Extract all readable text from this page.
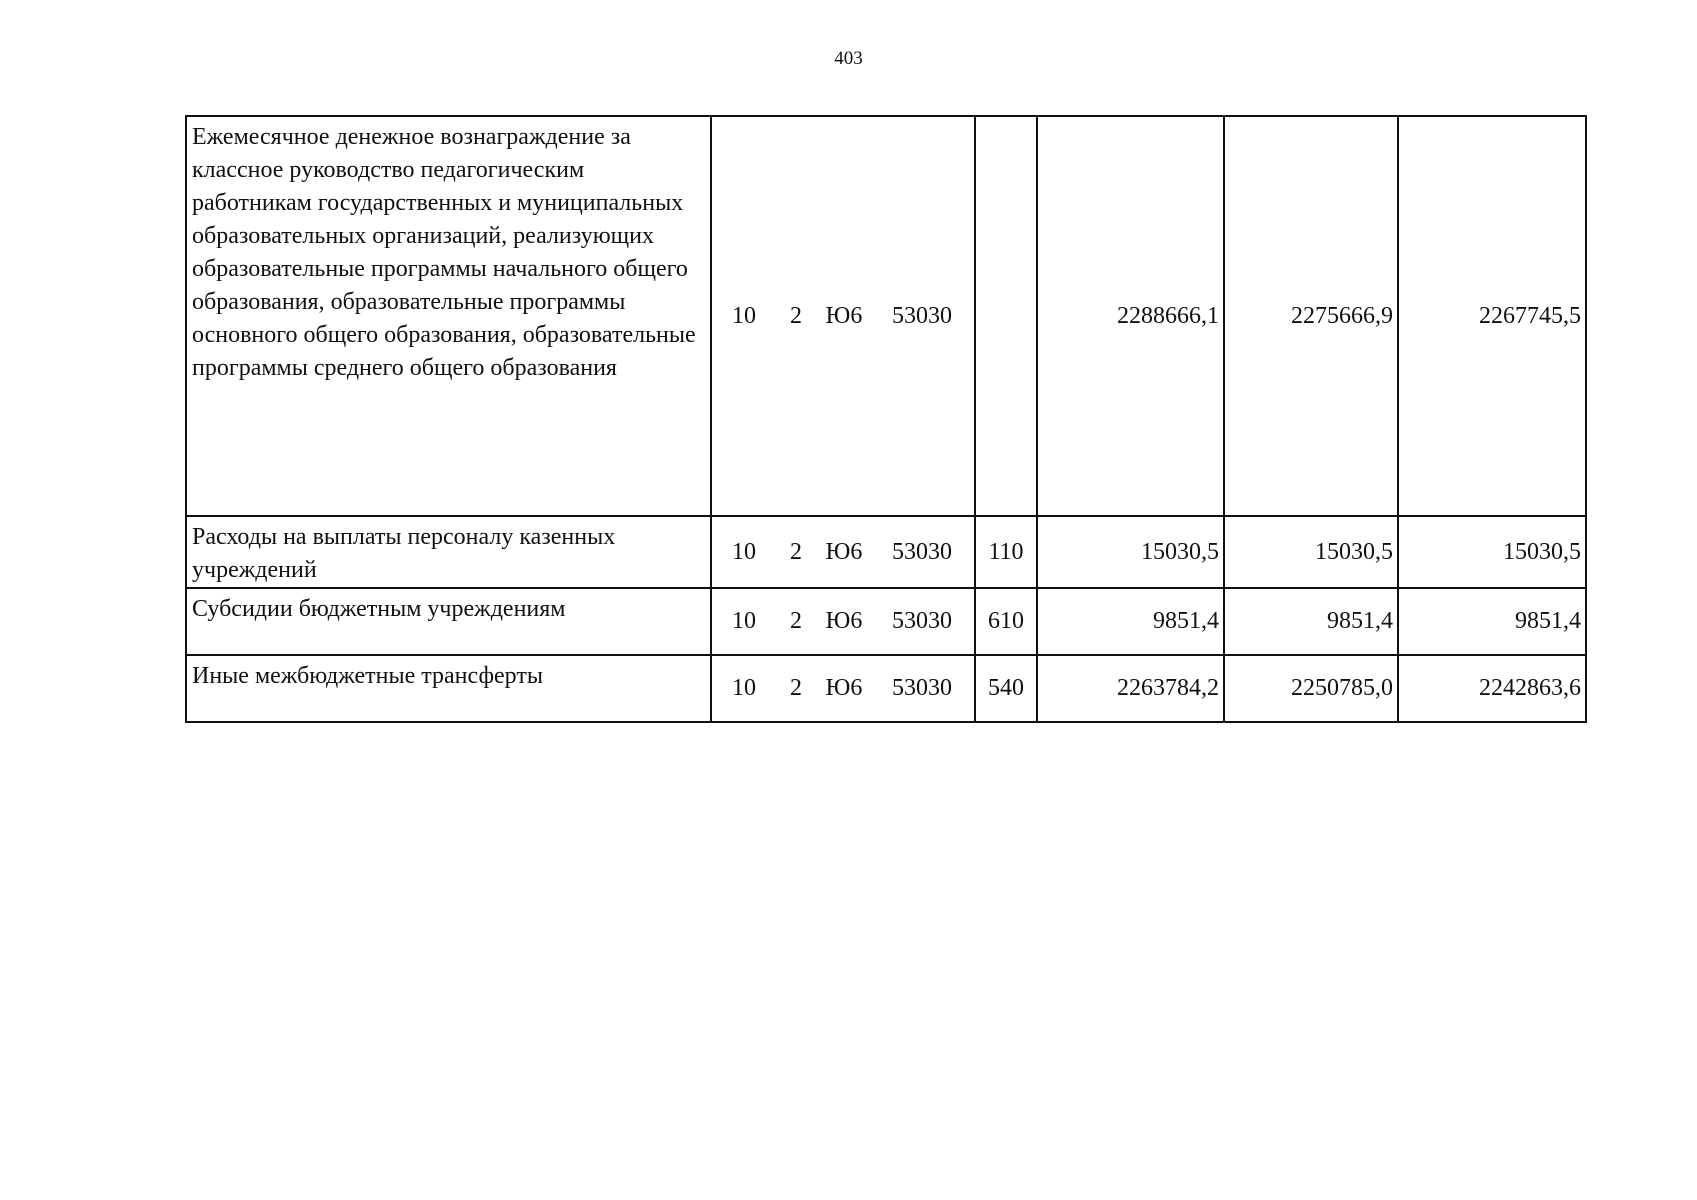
403
Ежемесячное денежное вознаграждение за классное руководство педагогическим работникам государственных и муниципальных образовательных организаций, реализующих образовательные программы начального общего образования, образовательные программы основного общего образования, образовательные программы среднего общего образования	10 2 Ю6 53030		2288666,1	2275666,9	2267745,5
Расходы на выплаты персоналу казенных учреждений	10 2 Ю6 53030	110	15030,5	15030,5	15030,5
Субсидии бюджетным учреждениям	10 2 Ю6 53030	610	9851,4	9851,4	9851,4
Иные межбюджетные трансферты	10 2 Ю6 53030	540	2263784,2	2250785,0	2242863,6
